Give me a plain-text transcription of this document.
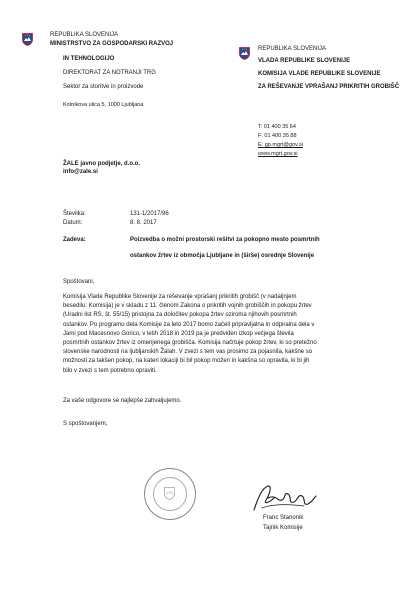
REPUBLIKA SLOVENIJA
MINISTRSTVO ZA GOSPODARSKI RAZVOJ
IN TEHNOLOGIJO
DIREKTORAT ZA NOTRANJI TRG
Sektor za storitve in proizvode
Kotnikova ulica 5, 1000 Ljubljana
REPUBLIKA SLOVENIJA
VLADA REPUBLIKE SLOVENIJE
KOMISIJA VLADE REPUBLIKE SLOVENIJE
ZA REŠEVANJE VPRAŠANJ PRIKRITIH GROBIŠČ
T: 01 400 35 64
F: 01 400 35 88
E: gp.mgrt@gov.si
www.mgrt.gov.si
ŽALE javno podjetje, d.o.o.
info@zale.si
Številka:	131-1/2017/96
Datum:	8. 8. 2017
Zadeva:	Poizvedba o možni prostorski rešitvi za pokopno mesto posmrtnih
ostankov žrtev iz območja Ljubljane in (širše) osrednje Slovenije
Spoštovani,
Komisija Vlade Republike Slovenije za reševanje vprašanj prikritih grobišč (v nadaljnjem
besedilu: Komisija) je v skladu z 11. členom Zakona o prikritih vojnih grobiščih in pokopu žrtev
(Uradni list RS, št. 55/15) pristojna za določitev pokopa žrtev oziroma njihovih posmrtnih
ostankov. Po programu dela Komisije za leto 2017 bomo začeli pripravljalna in odpiralna dela v
Jami pod Macesnovo Gorico, v letih 2018 in 2019 pa je predviden izkop večjega števila
posmrtnih ostankov žrtev iz omenjenega grobišča. Komisija načrtuje pokop žrtev, ki so pretežno
slovenske narodnosti na ljubljanskih Žalah. V zvezi s tem vas prosimo za pojasnila, kakšne so
možnosti za takšen pokop, na kateri lokaciji bi bil pokop možen in kakšna so opravila, ki bi jih
bilo v zvezi s tem potrebno opraviti.
Za vaše odgovore se najlepše zahvaljujemo.
S spoštovanjem,
Franc Stanonik
Tajnik Komisije
